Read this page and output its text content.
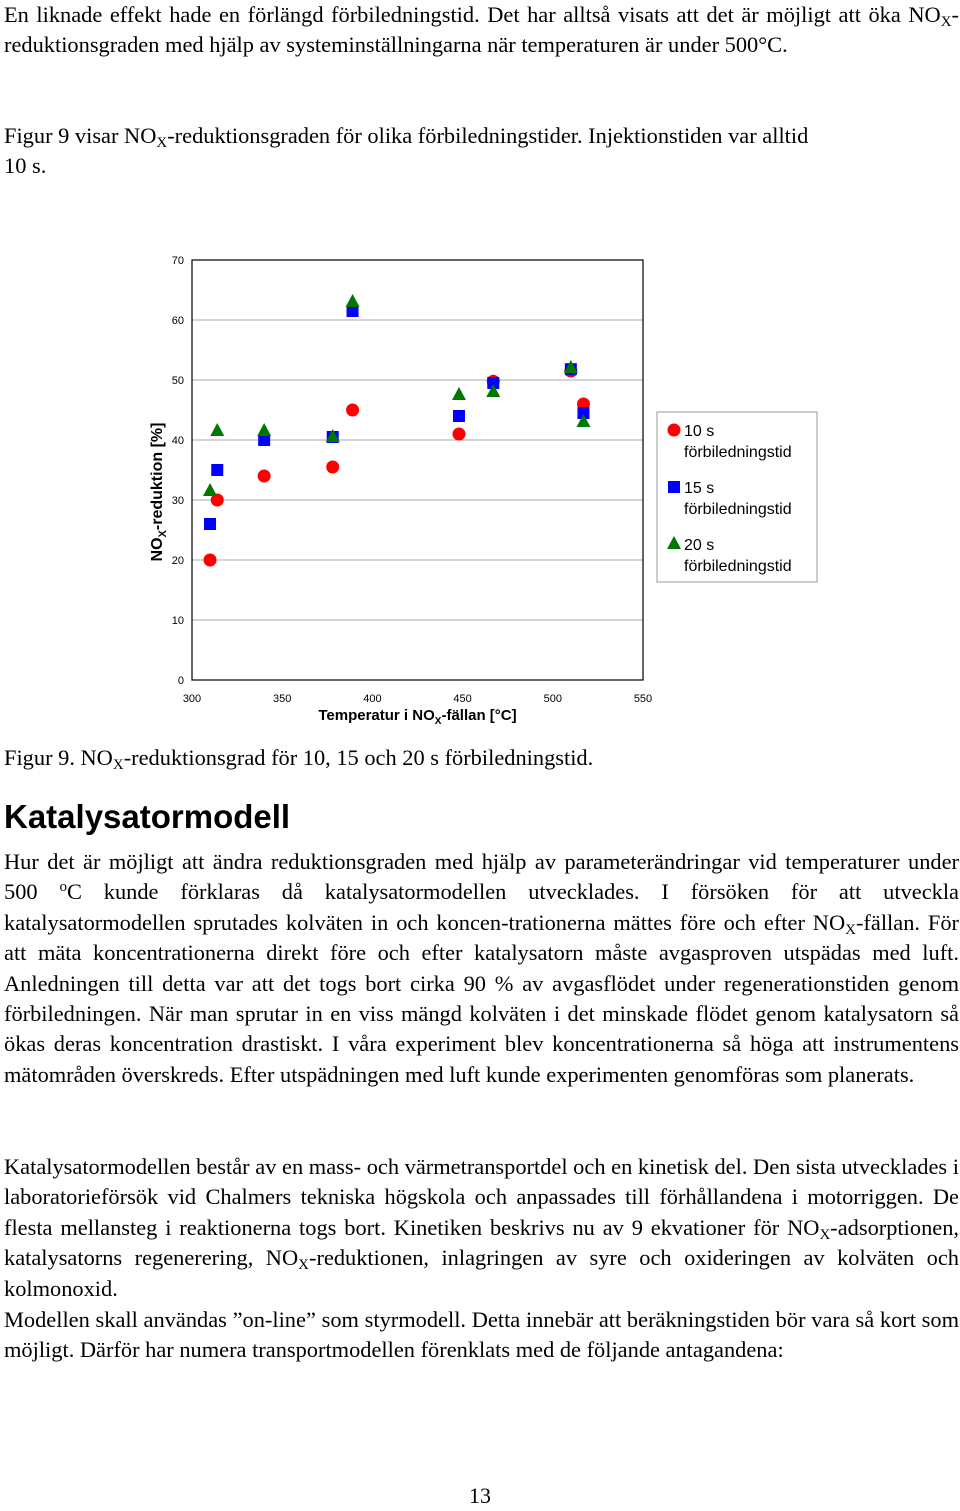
En liknade effekt hade en förlängd förbiledningstid. Det har alltså visats att det är möjligt att öka $NO_X$-reduktionsgraden med hjälp av systeminställningarna när temperaturen är under 500°C.

Figur 9 visar $NO_X$-reduktionsgraden för olika förbiledningstider. Injektionstiden var alltid
10 s.

0
10
20
30
40
50
60
70
300	350	400	450	500	550
Temperatur i $NO_X$-fällan [°C]
$NO_X$-reduktion [%]	10 s
förbiledningstid
15 s
förbiledningstid
20 s
förbiledningstid

Figur 9. $NO_X$-reduktionsgrad för 10, 15 och 20 s förbiledningstid.

Katalysatormodell

Hur det är möjligt att ändra reduktionsgraden med hjälp av parameterändringar vid temperaturer under 500 $^o$C kunde förklaras då katalysatormodellen utvecklades. I försöken för att utveckla katalysatormodellen sprutades kolväten in och koncen-trationerna mättes före och efter $NO_X$-fällan. För att mäta koncentrationerna direkt före och efter katalysatorn måste avgasproven utspädas med luft. Anledningen till detta var att det togs bort cirka 90 % av avgasflödet under regenerationstiden genom förbiledningen. När man sprutar in en viss mängd kolväten i det minskade flödet genom katalysatorn så ökas deras koncentration drastiskt. I våra experiment blev koncentrationerna så höga att instrumentens mätområden överskreds. Efter utspädningen med luft kunde experimenten genomföras som planerats.

Katalysatormodellen består av en mass- och värmetransportdel och en kinetisk del. Den sista utvecklades i laboratorieförsök vid Chalmers tekniska högskola och anpassades till förhållandena i motorriggen. De flesta mellansteg i reaktionerna togs bort. Kinetiken beskrivs nu av 9 ekvationer för $NO_X$-adsorptionen, katalysatorns regenerering, $NO_X$-reduktionen, inlagringen av syre och oxideringen av kolväten och kolmonoxid.

Modellen skall användas ”on-line” som styrmodell. Detta innebär att beräkningstiden bör vara så kort som möjligt. Därför har numera transportmodellen förenklats med de följande antagandena:

13
